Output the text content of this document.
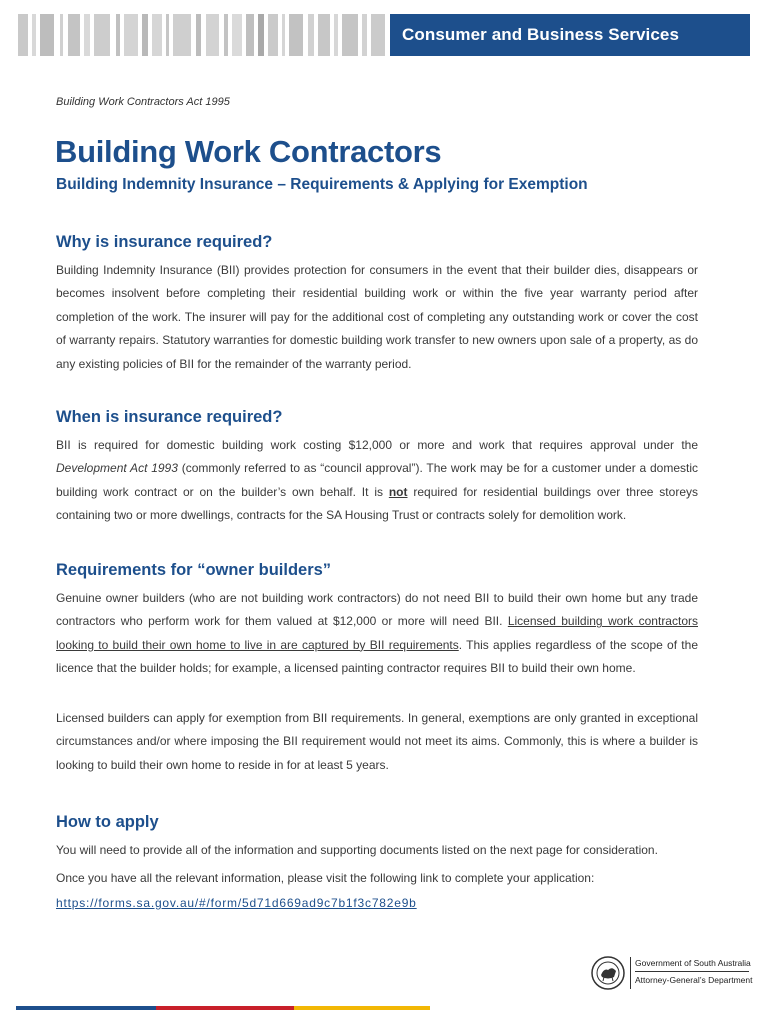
Consumer and Business Services
Building Work Contractors Act 1995
Building Work Contractors
Building Indemnity Insurance – Requirements & Applying for Exemption
Why is insurance required?

Building Indemnity Insurance (BII) provides protection for consumers in the event that their builder dies, disappears or becomes insolvent before completing their residential building work or within the five year warranty period after completion of the work. The insurer will pay for the additional cost of completing any outstanding work or cover the cost of warranty repairs. Statutory warranties for domestic building work transfer to new owners upon sale of a property, as do any existing policies of BII for the remainder of the warranty period.

When is insurance required?

BII is required for domestic building work costing $12,000 or more and work that requires approval under the Development Act 1993 (commonly referred to as “council approval”). The work may be for a customer under a domestic building work contract or on the builder’s own behalf. It is not required for residential buildings over three storeys containing two or more dwellings, contracts for the SA Housing Trust or contracts solely for demolition work.

Requirements for “owner builders”

Genuine owner builders (who are not building work contractors) do not need BII to build their own home but any trade contractors who perform work for them valued at $12,000 or more will need BII. Licensed building work contractors looking to build their own home to live in are captured by BII requirements. This applies regardless of the scope of the licence that the builder holds; for example, a licensed painting contractor requires BII to build their own home.

Licensed builders can apply for exemption from BII requirements. In general, exemptions are only granted in exceptional circumstances and/or where imposing the BII requirement would not meet its aims. Commonly, this is where a builder is looking to build their own home to reside in for at least 5 years.

How to apply

You will need to provide all of the information and supporting documents listed on the next page for consideration.

Once you have all the relevant information, please visit the following link to complete your application:

https://forms.sa.gov.au/#/form/5d71d669ad9c7b1f3c782e9b
Government of South Australia
Attorney-General’s Department
